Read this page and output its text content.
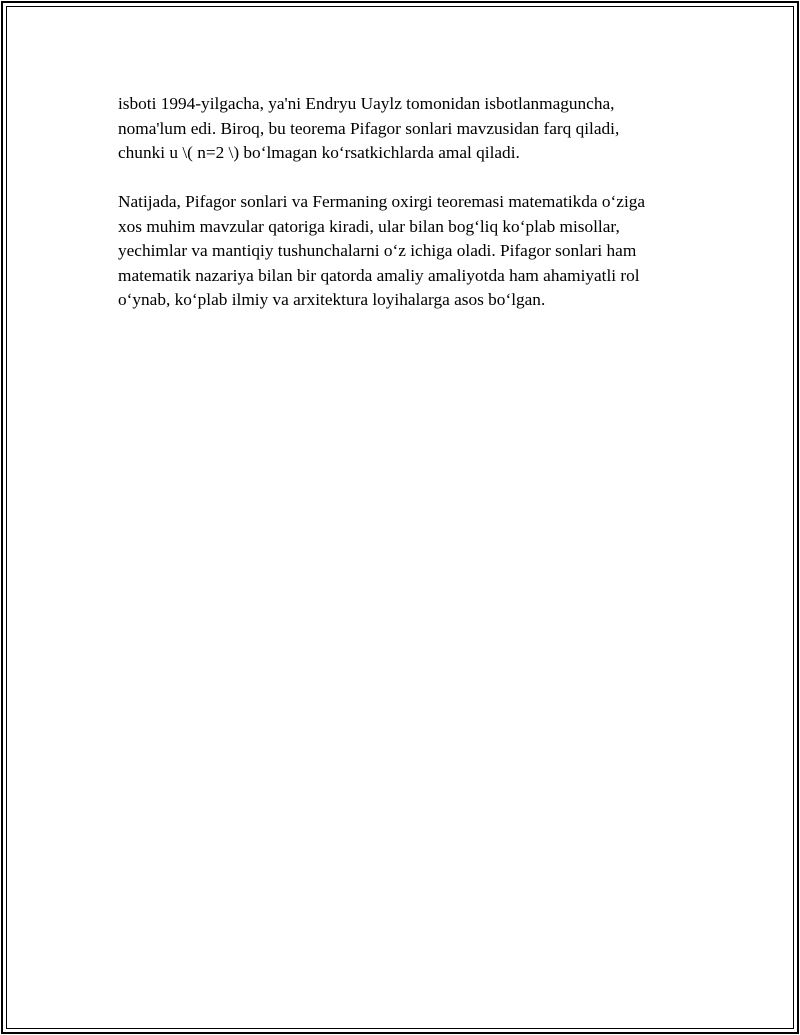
isboti 1994-yilgacha, ya'ni Endryu Uaylz tomonidan isbotlanmaguncha,
noma'lum edi. Biroq, bu teorema Pifagor sonlari mavzusidan farq qiladi,
chunki u \( n=2 \) boʻlmagan koʻrsatkichlarda amal qiladi.

Natijada, Pifagor sonlari va Fermaning oxirgi teoremasi matematikda oʻziga
xos muhim mavzular qatoriga kiradi, ular bilan bogʻliq koʻplab misollar,
yechimlar va mantiqiy tushunchalarni oʻz ichiga oladi. Pifagor sonlari ham
matematik nazariya bilan bir qatorda amaliy amaliyotda ham ahamiyatli rol
oʻynab, koʻplab ilmiy va arxitektura loyihalarga asos boʻlgan.
